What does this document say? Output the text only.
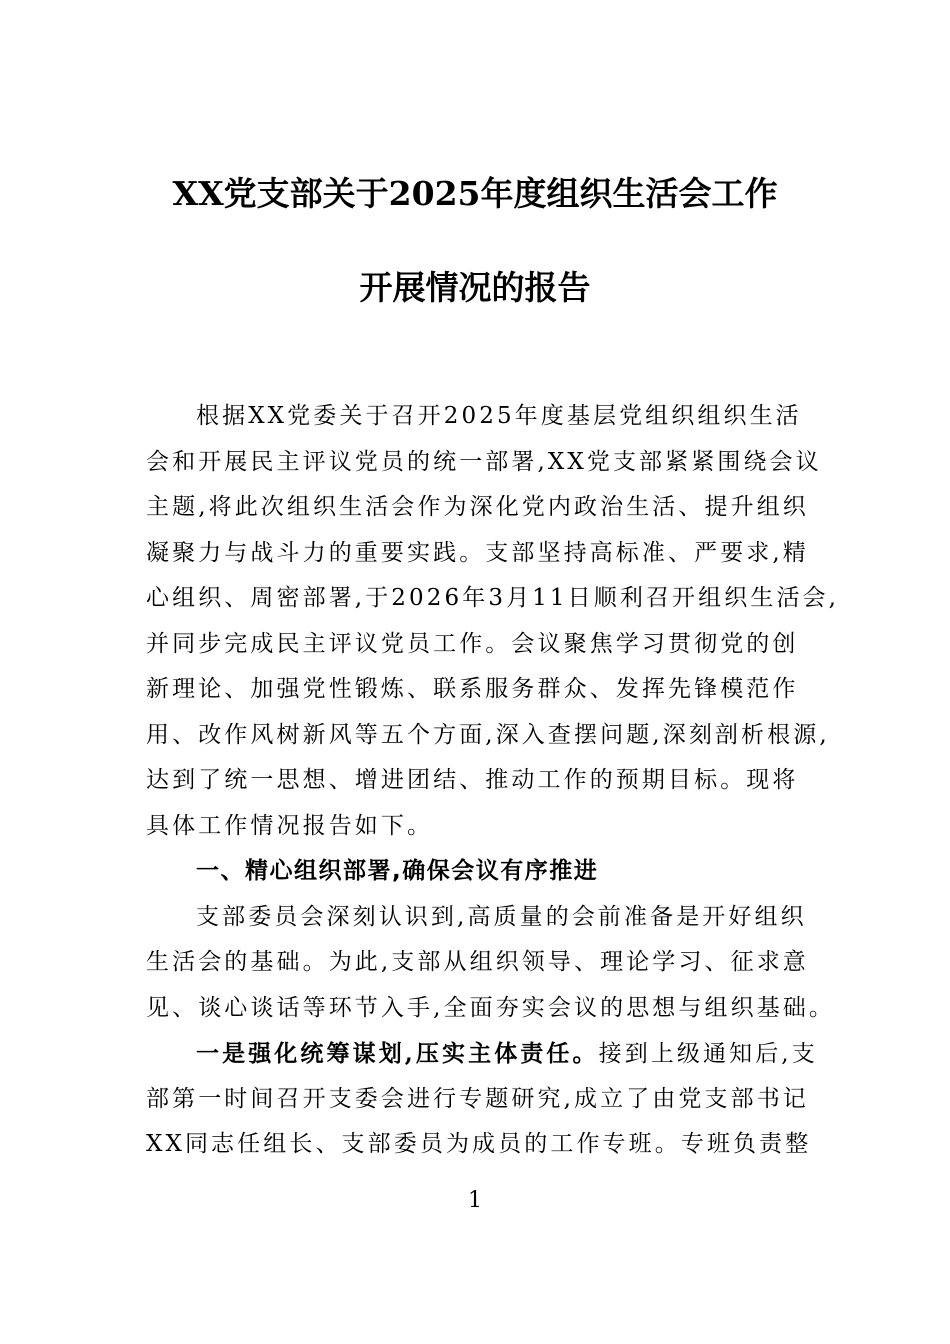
XX党支部关于2025年度组织生活会工作
开展情况的报告
根据XX党委关于召开2025年度基层党组织组织生活
会和开展民主评议党员的统一部署,XX党支部紧紧围绕会议
主题,将此次组织生活会作为深化党内政治生活、提升组织
凝聚力与战斗力的重要实践。支部坚持高标准、严要求,精
心组织、周密部署,于2026年3月11日顺利召开组织生活会,
并同步完成民主评议党员工作。会议聚焦学习贯彻党的创
新理论、加强党性锻炼、联系服务群众、发挥先锋模范作
用、改作风树新风等五个方面,深入查摆问题,深刻剖析根源,
达到了统一思想、增进团结、推动工作的预期目标。现将
具体工作情况报告如下。
一、精心组织部署,确保会议有序推进
支部委员会深刻认识到,高质量的会前准备是开好组织
生活会的基础。为此,支部从组织领导、理论学习、征求意
见、谈心谈话等环节入手,全面夯实会议的思想与组织基础。
一是强化统筹谋划,压实主体责任。接到上级通知后,支
部第一时间召开支委会进行专题研究,成立了由党支部书记
XX同志任组长、支部委员为成员的工作专班。专班负责整
1
